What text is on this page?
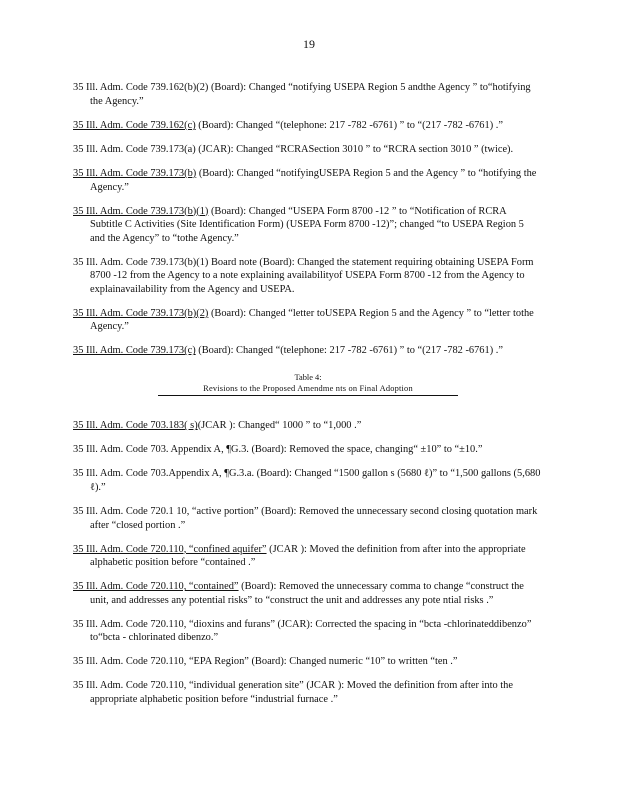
19

35 Ill. Adm. Code 739.162(b)(2) (Board): Changed “notifying USEPA Region 5 andthe Agency ” to“hotifying the Agency.”

35 Ill. Adm. Code 739.162(c) (Board): Changed “(telephone: 217 -782 -6761) ” to “(217 -782 -6761) .”

35 Ill. Adm. Code 739.173(a) (JCAR): Changed “RCRASection 3010 ” to “RCRA section 3010 ” (twice).

35 Ill. Adm. Code 739.173(b) (Board): Changed “notifyingUSEPA Region 5 and the Agency ” to “hotifying the Agency.”

35 Ill. Adm. Code 739.173(b)(1) (Board): Changed “USEPA Form 8700 -12 ” to “Notification of RCRA Subtitle C Activities (Site Identification Form) (USEPA Form 8700 -12)”; changed “to USEPA Region 5 and the Agency” to “tothe Agency.”

35 Ill. Adm. Code 739.173(b)(1) Board note (Board): Changed the statement requiring obtaining USEPA Form 8700 -12 from the Agency to a note explaining availabilityof USEPA Form 8700 -12 from the Agency to explainavailability from the Agency and USEPA.

35 Ill. Adm. Code 739.173(b)(2) (Board): Changed “letter toUSEPA Region 5 and the Agency ” to “letter tothe Agency.”

35 Ill. Adm. Code 739.173(c) (Board): Changed “(telephone: 217 -782 -6761) ” to “(217 -782 -6761) .”

Table 4:
Revisions to the Proposed Amendme nts on Final Adoption

35 Ill. Adm. Code 703.183( s)(JCAR ): Changed“ 1000 ” to “1,000 .”

35 Ill. Adm. Code 703. Appendix A, ¶G.3. (Board): Removed the space, changing“ ±10” to “±10.”

35 Ill. Adm. Code 703.Appendix A, ¶G.3.a. (Board): Changed “1500 gallon s (5680 ℓ)” to “1,500 gallons (5,680 ℓ).”

35 Ill. Adm. Code 720.1 10, “active portion” (Board): Removed the unnecessary second closing quotation mark after “closed portion .”

35 Ill. Adm. Code 720.110, “confined aquifer” (JCAR ): Moved the definition from after into the appropriate alphabetic position before “contained .”

35 Ill. Adm. Code 720.110, “contained” (Board): Removed the unnecessary comma to change “construct the unit, and addresses any potential risks” to “construct the unit and addresses any pote ntial risks .”

35 Ill. Adm. Code 720.110, “dioxins and furans” (JCAR): Corrected the spacing in “bcta -chlorinateddibenzo” to“bcta - chlorinated dibenzo.”

35 Ill. Adm. Code 720.110, “EPA Region” (Board): Changed numeric “10” to written “ten .”

35 Ill. Adm. Code 720.110, “individual generation site” (JCAR ): Moved the definition from after into the appropriate alphabetic position before “industrial furnace .”
